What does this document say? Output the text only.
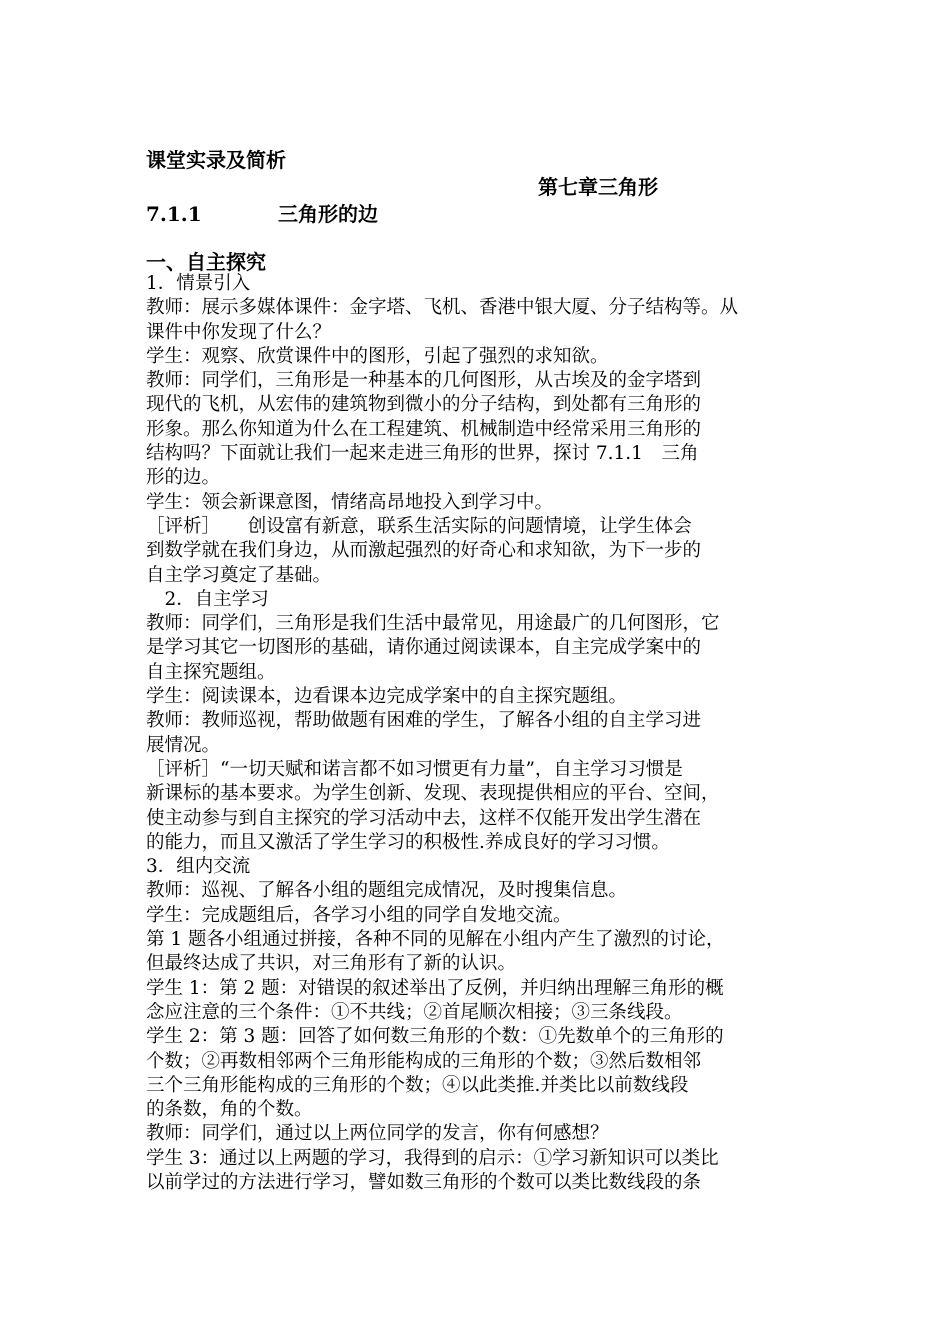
课堂实录及简析
第七章三角形
7.1.1	三角形的边
一、自主探究
1．情景引入
教师：展示多媒体课件：金字塔、飞机、香港中银大厦、分子结构等。从
课件中你发现了什么？
学生：观察、欣赏课件中的图形，引起了强烈的求知欲。
教师：同学们，三角形是一种基本的几何图形，从古埃及的金字塔到
现代的飞机，从宏伟的建筑物到微小的分子结构，到处都有三角形的
形象。那么你知道为什么在工程建筑、机械制造中经常采用三角形的
结构吗？下面就让我们一起来走进三角形的世界，探讨 7.1.1　三角
形的边。
学生：领会新课意图，情绪高昂地投入到学习中。
［评析］　　创设富有新意，联系生活实际的问题情境，让学生体会
到数学就在我们身边，从而激起强烈的好奇心和求知欲，为下一步的
自主学习奠定了基础。
　2．自主学习
教师：同学们，三角形是我们生活中最常见，用途最广的几何图形，它
是学习其它一切图形的基础，请你通过阅读课本，自主完成学案中的
自主探究题组。
学生：阅读课本，边看课本边完成学案中的自主探究题组。
教师：教师巡视，帮助做题有困难的学生，了解各小组的自主学习进
展情况。
［评析］“一切天赋和诺言都不如习惯更有力量”，自主学习习惯是
新课标的基本要求。为学生创新、发现、表现提供相应的平台、空间，
使主动参与到自主探究的学习活动中去，这样不仅能开发出学生潜在
的能力，而且又激活了学生学习的积极性.养成良好的学习习惯。
3．组内交流
教师：巡视、了解各小组的题组完成情况，及时搜集信息。
学生：完成题组后，各学习小组的同学自发地交流。
第 1 题各小组通过拼接，各种不同的见解在小组内产生了激烈的讨论，
但最终达成了共识，对三角形有了新的认识。
学生 1：第 2 题：对错误的叙述举出了反例，并归纳出理解三角形的概
念应注意的三个条件：①不共线；②首尾顺次相接；③三条线段。
学生 2：第 3 题：回答了如何数三角形的个数：①先数单个的三角形的
个数；②再数相邻两个三角形能构成的三角形的个数；③然后数相邻
三个三角形能构成的三角形的个数；④以此类推.并类比以前数线段
的条数，角的个数。
教师：同学们，通过以上两位同学的发言，你有何感想？
学生 3：通过以上两题的学习，我得到的启示：①学习新知识可以类比
以前学过的方法进行学习，譬如数三角形的个数可以类比数线段的条
